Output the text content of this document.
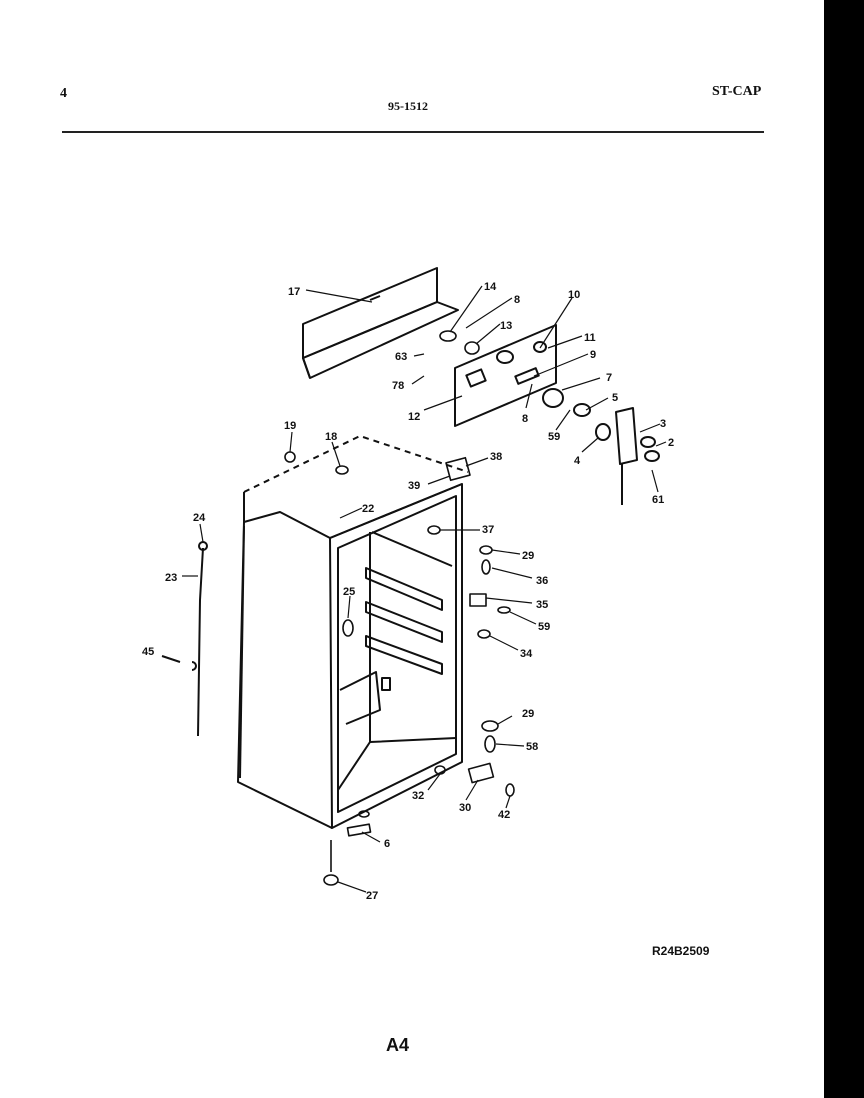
4
95-1512
ST-CAP
17	14
8
13
63
78
10
11
9
7
5
12	8
59
4
3
2
61
19
18
38
39
22
24
37
29
36
23
25
35
59
34
45
29
58
32
30
42
6
27
R24B2509
A4
